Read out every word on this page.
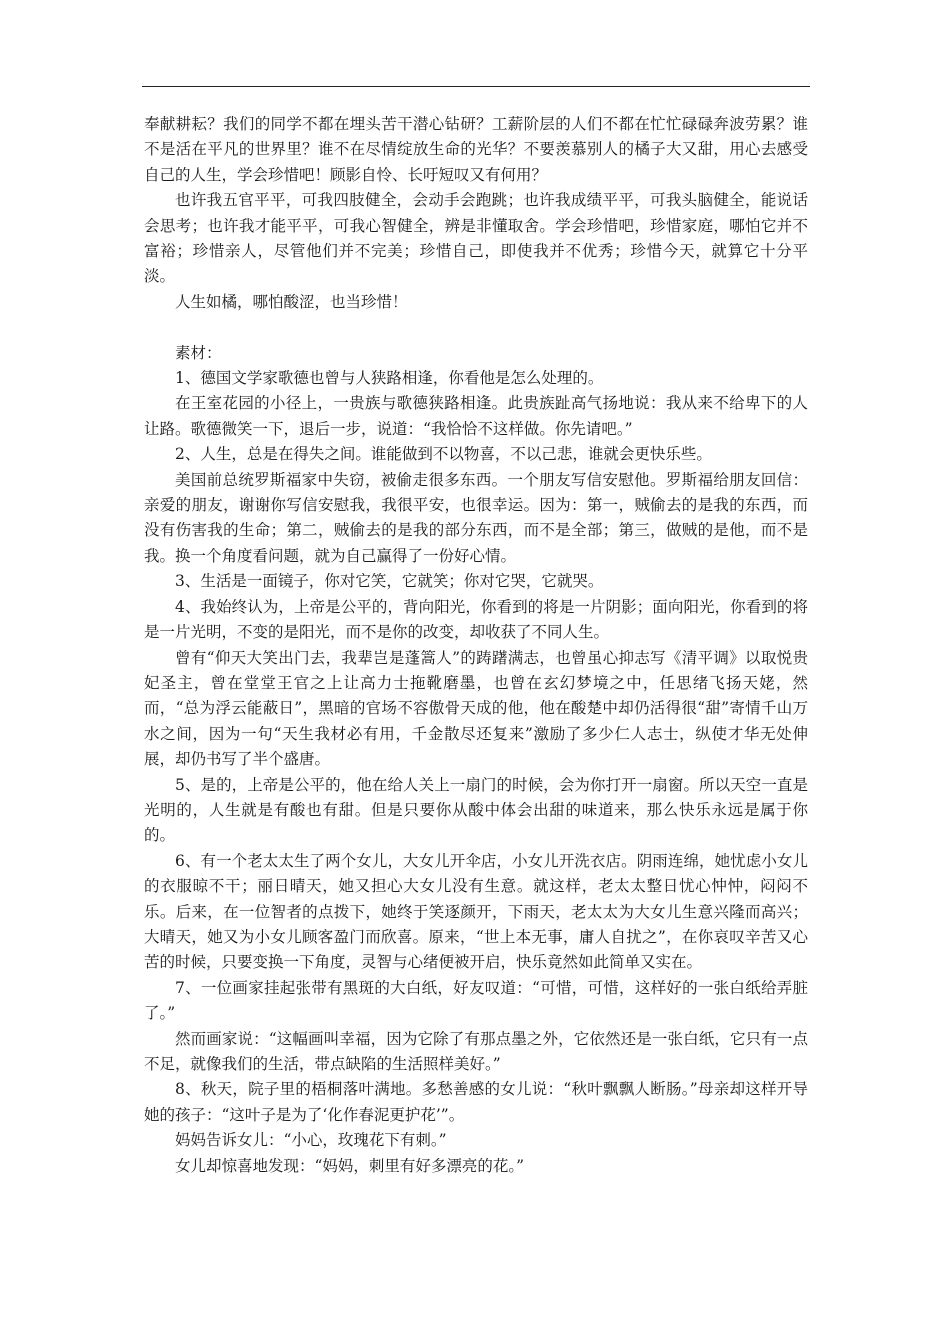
奉献耕耘？我们的同学不都在埋头苦干潜心钻研？工薪阶层的人们不都在忙忙碌碌奔波劳累？谁不是活在平凡的世界里？谁不在尽情绽放生命的光华？不要羡慕别人的橘子大又甜，用心去感受自己的人生，学会珍惜吧！顾影自怜、长吁短叹又有何用？

也许我五官平平，可我四肢健全，会动手会跑跳；也许我成绩平平，可我头脑健全，能说话会思考；也许我才能平平，可我心智健全，辨是非懂取舍。学会珍惜吧，珍惜家庭，哪怕它并不富裕；珍惜亲人，尽管他们并不完美；珍惜自己，即使我并不优秀；珍惜今天，就算它十分平淡。

人生如橘，哪怕酸涩，也当珍惜！

素材：

1、德国文学家歌德也曾与人狭路相逢，你看他是怎么处理的。

在王室花园的小径上，一贵族与歌德狭路相逢。此贵族趾高气扬地说：我从来不给卑下的人让路。歌德微笑一下，退后一步，说道：“我恰恰不这样做。你先请吧。”

2、人生，总是在得失之间。谁能做到不以物喜，不以己悲，谁就会更快乐些。

美国前总统罗斯福家中失窃，被偷走很多东西。一个朋友写信安慰他。罗斯福给朋友回信：亲爱的朋友，谢谢你写信安慰我，我很平安，也很幸运。因为：第一，贼偷去的是我的东西，而没有伤害我的生命；第二，贼偷去的是我的部分东西，而不是全部；第三，做贼的是他，而不是我。换一个角度看问题，就为自己赢得了一份好心情。

3、生活是一面镜子，你对它笑，它就笑；你对它哭，它就哭。

4、我始终认为，上帝是公平的，背向阳光，你看到的将是一片阴影；面向阳光，你看到的将是一片光明，不变的是阳光，而不是你的改变，却收获了不同人生。

曾有“仰天大笑出门去，我辈岂是蓬篙人”的踌躇满志，也曾虽心抑志写《清平调》以取悦贵妃圣主，曾在堂堂王官之上让高力士拖靴磨墨，也曾在玄幻梦境之中，任思绪飞扬天姥，然而，“总为浮云能蔽日”，黑暗的官场不容傲骨天成的他，他在酸楚中却仍活得很“甜”寄情千山万水之间，因为一句“天生我材必有用，千金散尽还复来”激励了多少仁人志士，纵使才华无处伸展，却仍书写了半个盛唐。

5、是的，上帝是公平的，他在给人关上一扇门的时候，会为你打开一扇窗。所以天空一直是光明的，人生就是有酸也有甜。但是只要你从酸中体会出甜的味道来，那么快乐永远是属于你的。

6、有一个老太太生了两个女儿，大女儿开伞店，小女儿开洗衣店。阴雨连绵，她忧虑小女儿的衣服晾不干；丽日晴天，她又担心大女儿没有生意。就这样，老太太整日忧心忡忡，闷闷不乐。后来，在一位智者的点拨下，她终于笑逐颜开，下雨天，老太太为大女儿生意兴隆而高兴；大晴天，她又为小女儿顾客盈门而欣喜。原来，“世上本无事，庸人自扰之”，在你哀叹辛苦又心苦的时候，只要变换一下角度，灵智与心绪便被开启，快乐竟然如此简单又实在。

7、一位画家挂起张带有黑斑的大白纸，好友叹道：“可惜，可惜，这样好的一张白纸给弄脏了。”

然而画家说：“这幅画叫幸福，因为它除了有那点墨之外，它依然还是一张白纸，它只有一点不足，就像我们的生活，带点缺陷的生活照样美好。”

8、秋天，院子里的梧桐落叶满地。多愁善感的女儿说：“秋叶飘飘人断肠。”母亲却这样开导她的孩子：“这叶子是为了‘化作春泥更护花’”。

妈妈告诉女儿：“小心，玫瑰花下有刺。”

女儿却惊喜地发现：“妈妈，刺里有好多漂亮的花。”
